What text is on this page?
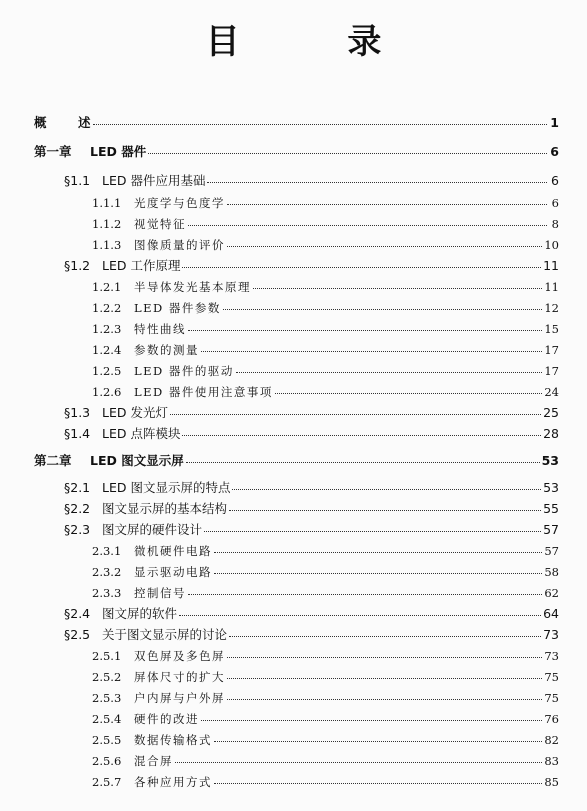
目 录
概	述	1
第一章	LED 器件	6
§1.1 LED 器件应用基础	6
1.1.1	光度学与色度学	6
1.1.2	视觉特征	8
1.1.3	图像质量的评价	10
§1.2 LED 工作原理	11
1.2.1	半导体发光基本原理	11
1.2.2	LED 器件参数	12
1.2.3	特性曲线	15
1.2.4	参数的测量	17
1.2.5	LED 器件的驱动	17
1.2.6	LED 器件使用注意事项	24
§1.3 LED 发光灯	25
§1.4 LED 点阵模块	28
第二章	LED 图文显示屏	53
§2.1 LED 图文显示屏的特点	53
§2.2 图文显示屏的基本结构	55
§2.3 图文屏的硬件设计	57
2.3.1	微机硬件电路	57
2.3.2	显示驱动电路	58
2.3.3	控制信号	62
§2.4 图文屏的软件	64
§2.5 关于图文显示屏的讨论	73
2.5.1	双色屏及多色屏	73
2.5.2	屏体尺寸的扩大	75
2.5.3	户内屏与户外屏	75
2.5.4	硬件的改进	76
2.5.5	数据传输格式	82
2.5.6	混合屏	83
2.5.7	各种应用方式	85
